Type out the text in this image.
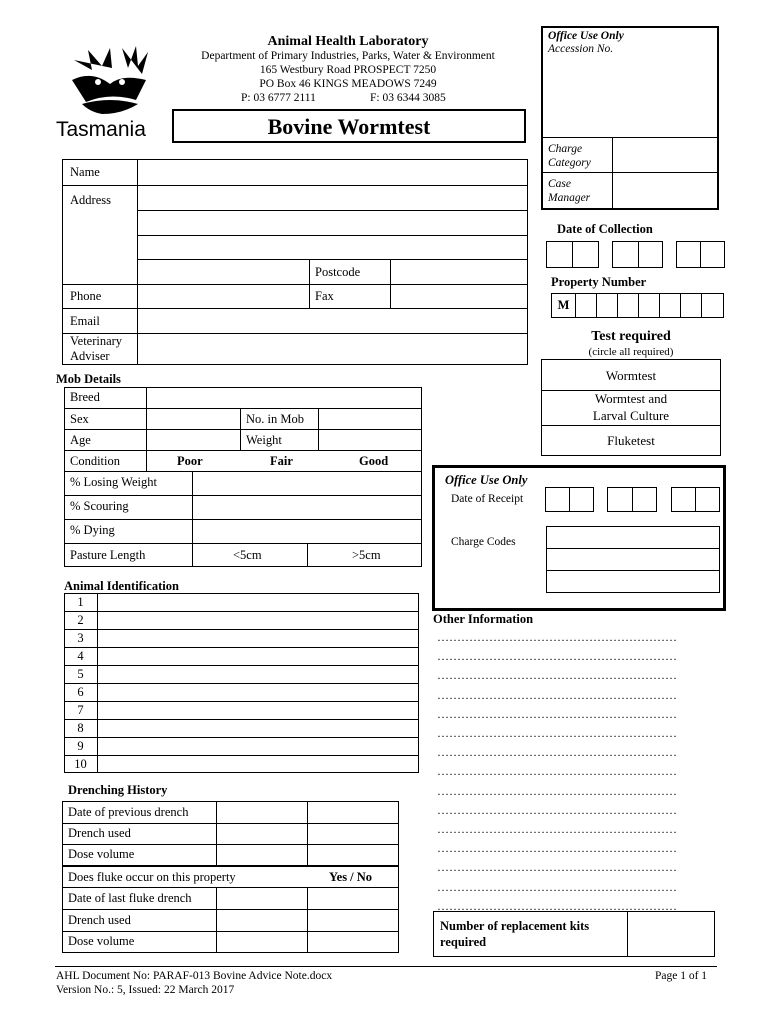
Tasmania
Animal Health Laboratory
Department of Primary Industries, Parks, Water & Environment
165 Westbury Road PROSPECT 7250
PO Box 46 KINGS MEADOWS 7249
P: 03 6777 2111	F: 03 6344 3085
Bovine Wormtest
Office Use Only
Accession No.
Charge
Category
Case
Manager
Name
Address
Postcode
Phone	Fax
Email
Veterinary
Adviser
Date of Collection
Property Number
M
Test required
(circle all required)
Wormtest
Wormtest and
Larval Culture
Fluketest
Mob Details
Breed
Sex	No. in Mob
Age	Weight
Condition	Poor	Fair	Good
% Losing Weight
% Scouring
% Dying
Pasture Length	<5cm	>5cm
Office Use Only
Date of Receipt
Charge Codes
Animal Identification
1
2
3
4
5
6
7
8
9
10
Other Information
……………………………………………………
……………………………………………………
……………………………………………………
……………………………………………………
……………………………………………………
……………………………………………………
……………………………………………………
……………………………………………………
……………………………………………………
……………………………………………………
……………………………………………………
……………………………………………………
……………………………………………………
……………………………………………………
……………………………………………………
Drenching History
Date of previous drench
Drench used
Dose volume
Does fluke occur on this property	Yes / No
Date of last fluke drench
Drench used
Dose volume
Number of replacement kits
required
AHL Document No: PARAF-013 Bovine Advice Note.docx
Version No.: 5, Issued: 22 March 2017
Page 1 of 1
